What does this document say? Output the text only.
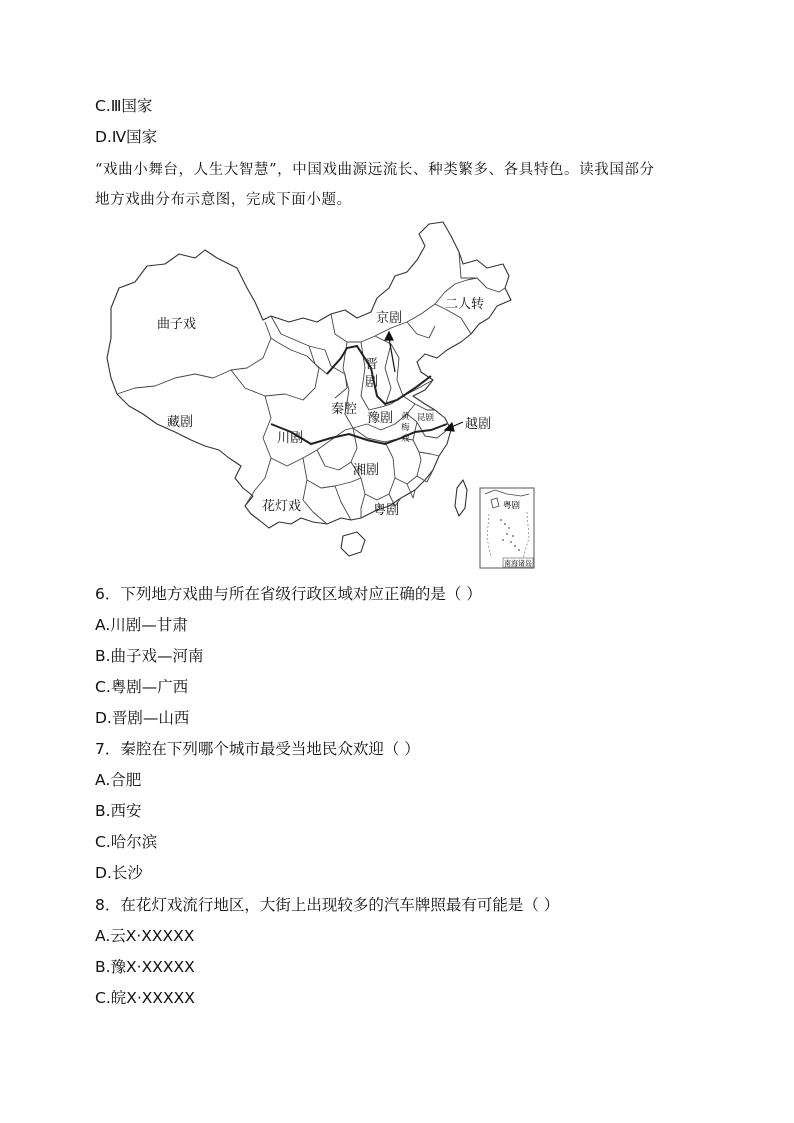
C.Ⅲ国家
D.Ⅳ国家
“戏曲小舞台，人生大智慧”，中国戏曲源远流长、种类繁多、各具特色。读我国部分
地方戏曲分布示意图，完成下面小题。
曲子戏	京剧
二人转
晋
剧
秦腔
豫剧 黄
梅
戏
昆剧 越剧
藏剧
川剧
湘剧
花灯戏	粤剧	粤剧
南海诸岛
6．下列地方戏曲与所在省级行政区域对应正确的是（ ）
A.川剧—甘肃
B.曲子戏—河南
C.粤剧—广西
D.晋剧—山西
7．秦腔在下列哪个城市最受当地民众欢迎（ ）
A.合肥
B.西安
C.哈尔滨
D.长沙
8．在花灯戏流行地区，大街上出现较多的汽车牌照最有可能是（ ）
A.云X·XXXXX
B.豫X·XXXXX
C.皖X·XXXXX
